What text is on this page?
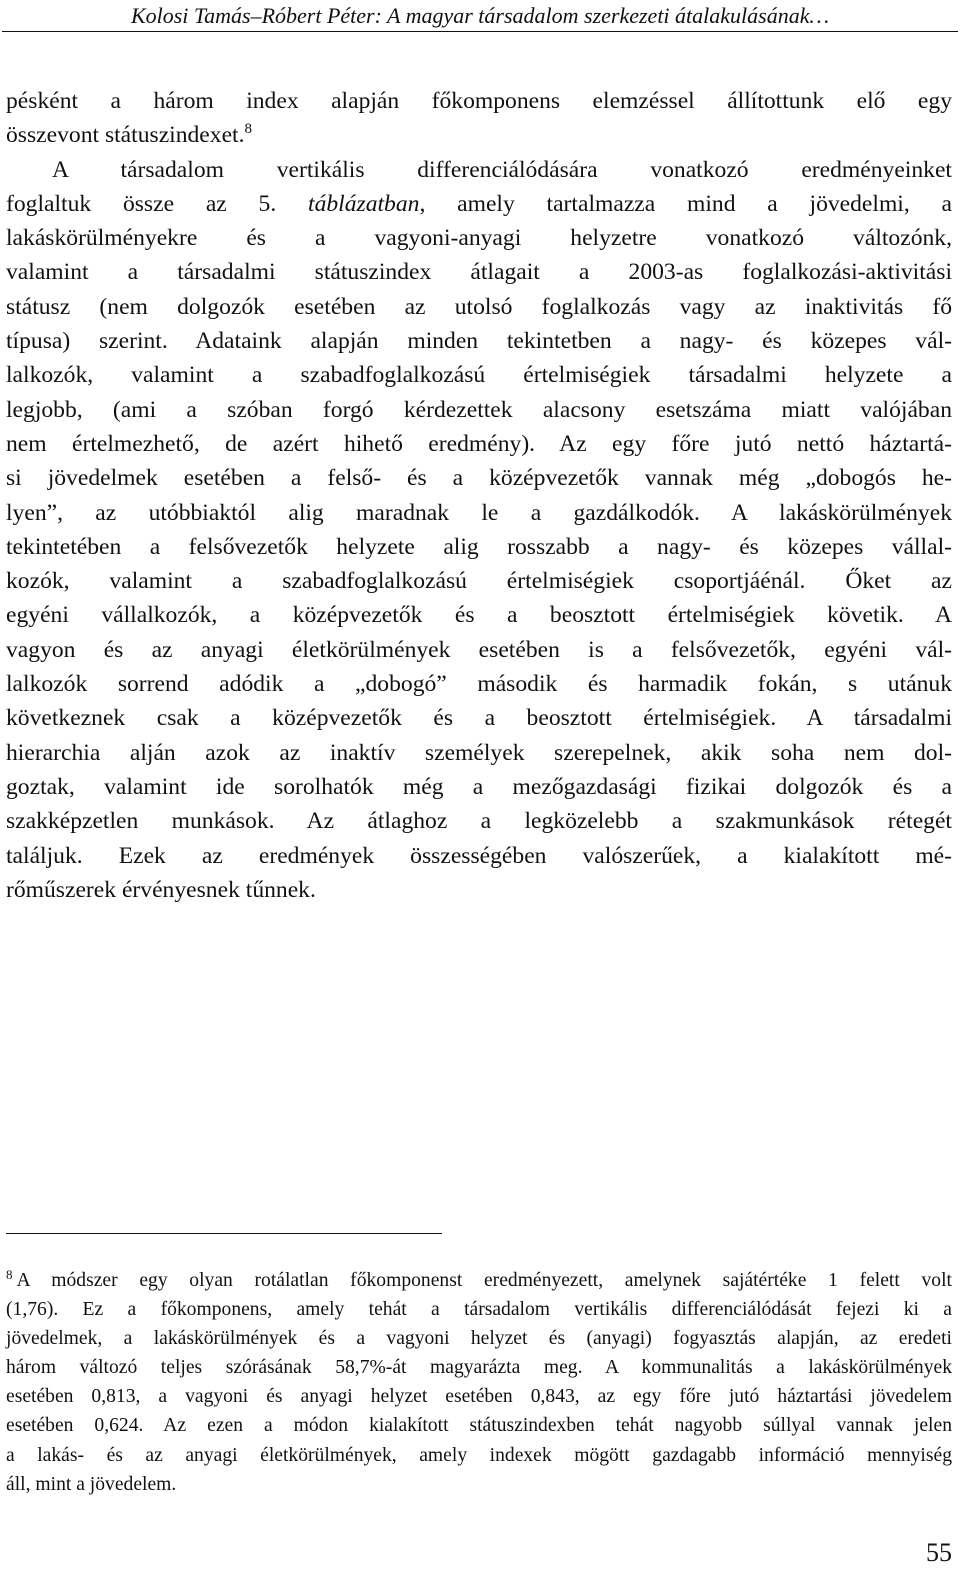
Kolosi Tamás–Róbert Péter: A magyar társadalom szerkezeti átalakulásának…
pésként a három index alapján főkomponens elemzéssel állítottunk elő egy
összevont státuszindexet.$^8$
A társadalom vertikális differenciálódására vonatkozó eredményeinket
foglaltuk össze az 5. táblázatban, amely tartalmazza mind a jövedelmi, a
lakáskörülményekre és a vagyoni-anyagi helyzetre vonatkozó változónk,
valamint a társadalmi státuszindex átlagait a 2003-as foglalkozási-aktivitási
státusz (nem dolgozók esetében az utolsó foglalkozás vagy az inaktivitás fő
típusa) szerint. Adataink alapján minden tekintetben a nagy- és közepes vál-
lalkozók, valamint a szabadfoglalkozású értelmiségiek társadalmi helyzete a
legjobb, (ami a szóban forgó kérdezettek alacsony esetszáma miatt valójában
nem értelmezhető, de azért hihető eredmény). Az egy főre jutó nettó háztartá-
si jövedelmek esetében a felső- és a középvezetők vannak még „dobogós he-
lyen”, az utóbbiaktól alig maradnak le a gazdálkodók. A lakáskörülmények
tekintetében a felsővezetők helyzete alig rosszabb a nagy- és közepes vállal-
kozók, valamint a szabadfoglalkozású értelmiségiek csoportjáénál. Őket az
egyéni vállalkozók, a középvezetők és a beosztott értelmiségiek követik. A
vagyon és az anyagi életkörülmények esetében is a felsővezetők, egyéni vál-
lalkozók sorrend adódik a „dobogó” második és harmadik fokán, s utánuk
következnek csak a középvezetők és a beosztott értelmiségiek. A társadalmi
hierarchia alján azok az inaktív személyek szerepelnek, akik soha nem dol-
goztak, valamint ide sorolhatók még a mezőgazdasági fizikai dolgozók és a
szakképzetlen munkások. Az átlaghoz a legközelebb a szakmunkások rétegét
találjuk. Ezek az eredmények összességében valószerűek, a kialakított mé-
rőműszerek érvényesnek tűnnek.
$^8$ A módszer egy olyan rotálatlan főkomponenst eredményezett, amelynek sajátértéke 1 felett volt
(1,76). Ez a főkomponens, amely tehát a társadalom vertikális differenciálódását fejezi ki a
jövedelmek, a lakáskörülmények és a vagyoni helyzet és (anyagi) fogyasztás alapján, az eredeti
három változó teljes szórásának 58,7%-át magyarázta meg. A kommunalitás a lakáskörülmények
esetében 0,813, a vagyoni és anyagi helyzet esetében 0,843, az egy főre jutó háztartási jövedelem
esetében 0,624. Az ezen a módon kialakított státuszindexben tehát nagyobb súllyal vannak jelen
a lakás- és az anyagi életkörülmények, amely indexek mögött gazdagabb információ mennyiség
áll, mint a jövedelem.
55
